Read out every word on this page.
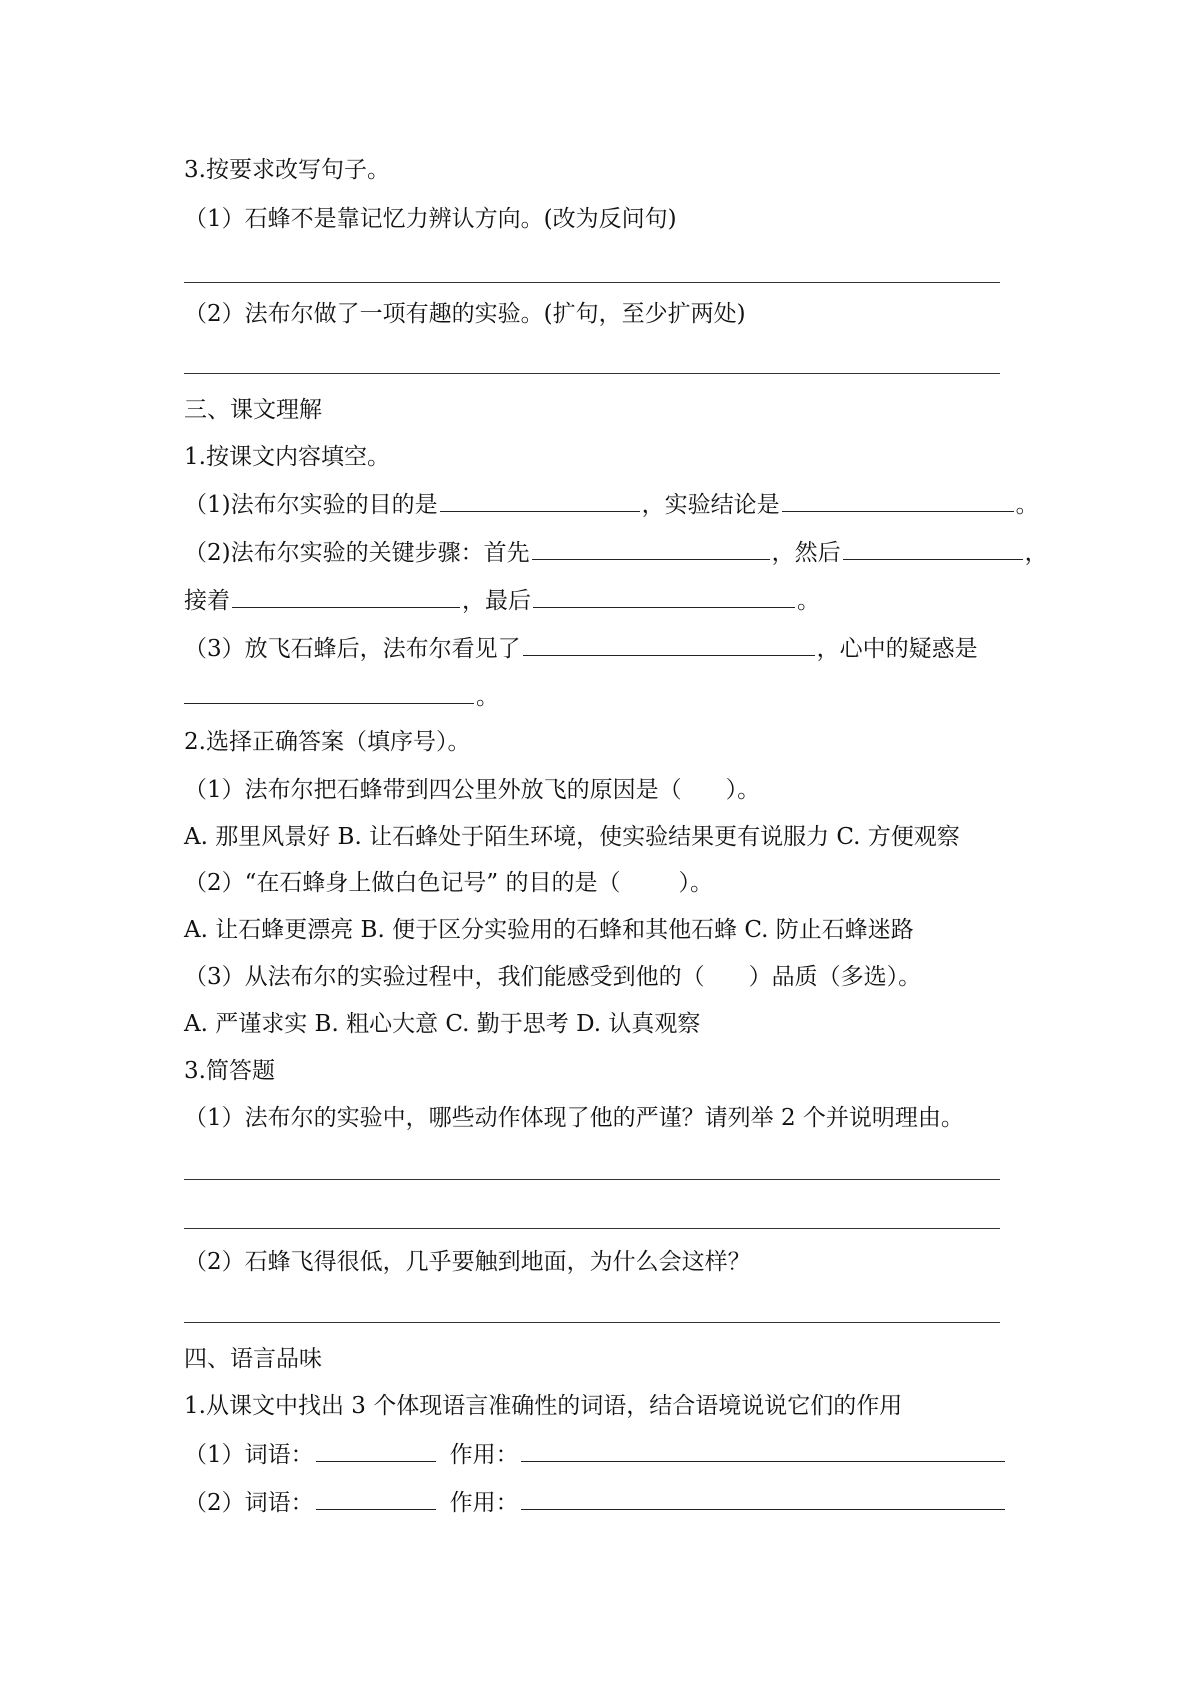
3.按要求改写句子。

（1）石蜂不是靠记忆力辨认方向。(改为反问句)

（2）法布尔做了一项有趣的实验。(扩句，至少扩两处)

三、课文理解

1.按课文内容填空。

（1)法布尔实验的目的是	，实验结论是	。

（2)法布尔实验的关键步骤：首先	，然后	，

接着	，最后	。

（3）放飞石蜂后，法布尔看见了	，心中的疑惑是

。

2.选择正确答案（填序号）。

（1）法布尔把石蜂带到四公里外放飞的原因是（ ）。

A. 那里风景好 B. 让石蜂处于陌生环境，使实验结果更有说服力 C. 方便观察

（2）“在石蜂身上做白色记号” 的目的是（	）。

A. 让石蜂更漂亮 B. 便于区分实验用的石蜂和其他石蜂 C. 防止石蜂迷路

（3）从法布尔的实验过程中，我们能感受到他的（ ）品质（多选）。

A. 严谨求实 B. 粗心大意 C. 勤于思考 D. 认真观察

3.简答题

（1）法布尔的实验中，哪些动作体现了他的严谨？请列举 2 个并说明理由。

（2）石蜂飞得很低，几乎要触到地面，为什么会这样？

四、语言品味

1.从课文中找出 3 个体现语言准确性的词语，结合语境说说它们的作用

（1）词语：	作用：

（2）词语：	作用：
